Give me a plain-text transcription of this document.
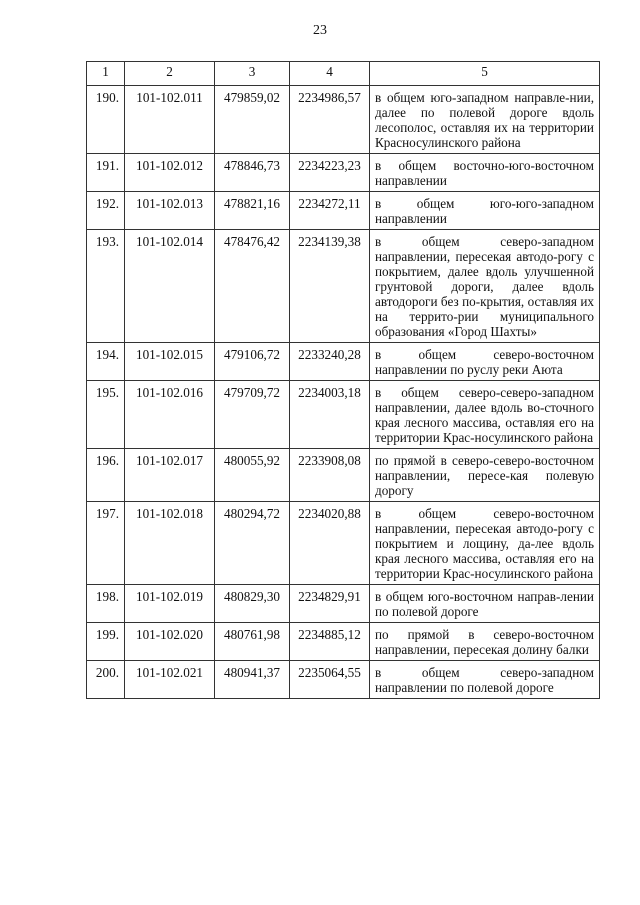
23
1	2	3	4	5
190.	101-102.011	479859,02	2234986,57	в общем юго-западном направле-нии, далее по полевой дороге вдоль лесополос, оставляя их на территории Красносулинского района
191.	101-102.012	478846,73	2234223,23	в общем восточно-юго-восточном направлении
192.	101-102.013	478821,16	2234272,11	в общем юго-юго-западном направлении
193.	101-102.014	478476,42	2234139,38	в общем северо-западном направлении, пересекая автодо-рогу с покрытием, далее вдоль улучшенной грунтовой дороги, далее вдоль автодороги без по-крытия, оставляя их на террито-рии муниципального образования «Город Шахты»
194.	101-102.015	479106,72	2233240,28	в общем северо-восточном направлении по руслу реки Аюта
195.	101-102.016	479709,72	2234003,18	в общем северо-северо-западном направлении, далее вдоль во-сточного края лесного массива, оставляя его на территории Крас-носулинского района
196.	101-102.017	480055,92	2233908,08	по прямой в северо-северо-восточном направлении, пересе-кая полевую дорогу
197.	101-102.018	480294,72	2234020,88	в общем северо-восточном направлении, пересекая автодо-рогу с покрытием и лощину, да-лее вдоль края лесного массива, оставляя его на территории Крас-носулинского района
198.	101-102.019	480829,30	2234829,91	в общем юго-восточном направ-лении по полевой дороге
199.	101-102.020	480761,98	2234885,12	по прямой в северо-восточном направлении, пересекая долину балки
200.	101-102.021	480941,37	2235064,55	в общем северо-западном направлении по полевой дороге
